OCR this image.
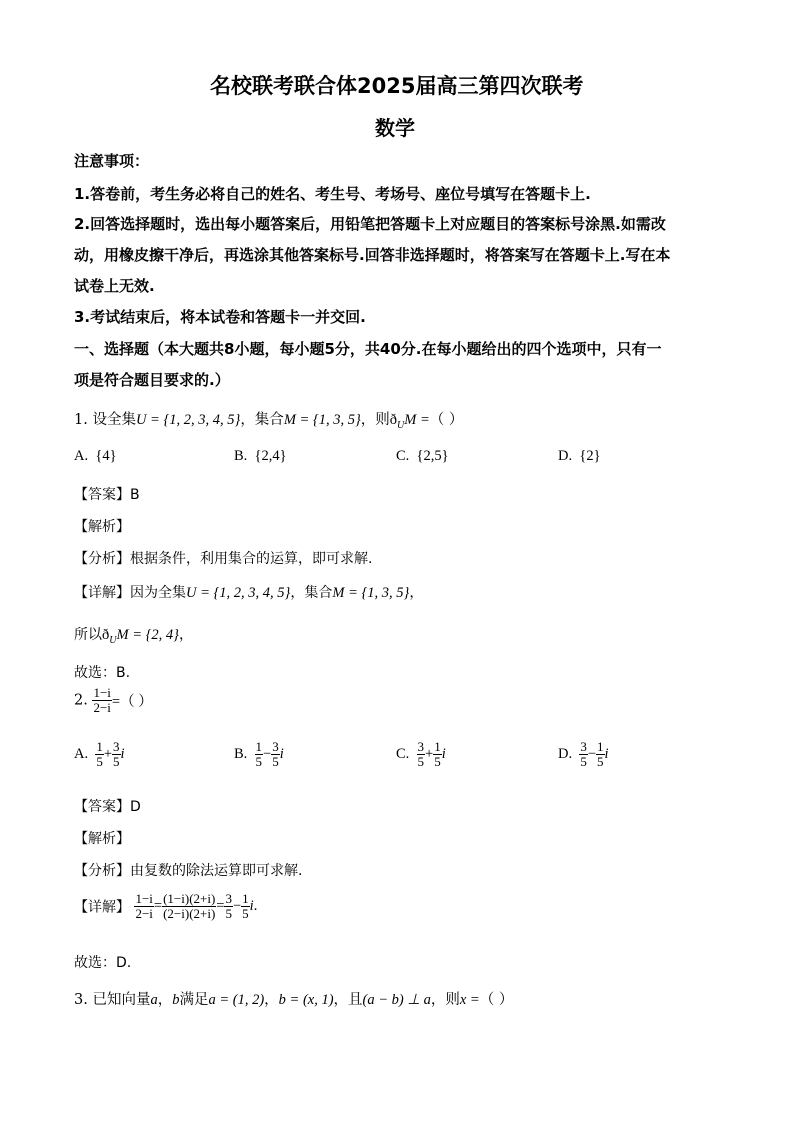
名校联考联合体2025届高三第四次联考
数学
注意事项：
1.答卷前，考生务必将自己的姓名、考生号、考场号、座位号填写在答题卡上.
2.回答选择题时，选出每小题答案后，用铅笔把答题卡上对应题目的答案标号涂黑.如需改
动，用橡皮擦干净后，再选涂其他答案标号.回答非选择题时，将答案写在答题卡上.写在本
试卷上无效.
3.考试结束后，将本试卷和答题卡一并交回.
一、选择题（本大题共8小题，每小题5分，共40分.在每小题给出的四个选项中，只有一
项是符合题目要求的.）
1. 设全集U = {1, 2, 3, 4, 5}，集合M = {1, 3, 5}，则$ð_UM$ =（ ）
A. {4}	B. {2,4}	C. {2,5}	D. {2}
【答案】B
【解析】
【分析】根据条件，利用集合的运算，即可求解.
【详解】因为全集U = {1, 2, 3, 4, 5}，集合M = {1, 3, 5}，
所以$ð_UM = \{2$, 4}，
故选：B.
2. $\frac{1-i}{2-i}$ =（ ）
A. $\frac{1}{5} + \frac{3}{5}$ i	B. $\frac{1}{5} - \frac{3}{5}$ i	C. $\frac{3}{5} + \frac{1}{5}$ i	D. $\frac{3}{5} - \frac{1}{5}$ i
【答案】D
【解析】
【分析】由复数的除法运算即可求解.
【详解】 $\frac{1-i}{2-i} = \frac{(1-i)(2+i)}{(2-i)(2+i)} = \frac{3}{5} - \frac{1}{5} i$.
故选：D.
3. 已知向量a，b满足a = (1, 2)，b = (x, 1)，且(a − b) ⊥ a，则x =（ ）
